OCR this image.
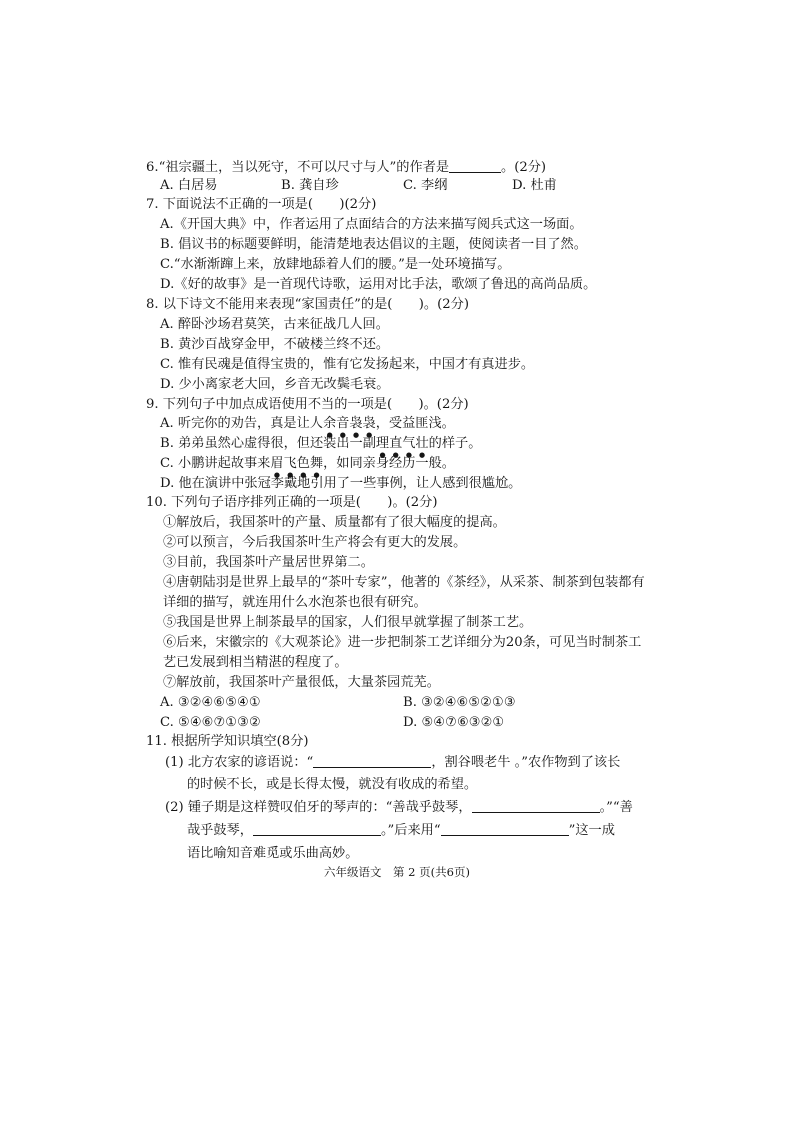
6.“祖宗疆土，当以死守，不可以尺寸与人”的作者是	。(2分)
A. 白居易	B. 龚自珍	C. 李纲	D. 杜甫
7. 下面说法不正确的一项是(　　)(2分)
A.《开国大典》中，作者运用了点面结合的方法来描写阅兵式这一场面。
B. 倡议书的标题要鲜明，能清楚地表达倡议的主题，使阅读者一目了然。
C.“水渐渐蹿上来，放肆地舔着人们的腰。”是一处环境描写。
D.《好的故事》是一首现代诗歌，运用对比手法，歌颂了鲁迅的高尚品质。
8. 以下诗文不能用来表现“家国责任”的是(　　)。(2分)
A. 醉卧沙场君莫笑，古来征战几人回。
B. 黄沙百战穿金甲，不破楼兰终不还。
C. 惟有民魂是值得宝贵的，惟有它发扬起来，中国才有真进步。
D. 少小离家老大回，乡音无改鬓毛衰。
9. 下列句子中加点成语使用不当的一项是(　　)。(2分)
A. 听完你的劝告，真是让人余音袅袅，受益匪浅。
B. 弟弟虽然心虚得很，但还装出一副理直气壮的样子。
C. 小鹏讲起故事来眉飞色舞，如同亲身经历一般。
D. 他在演讲中张冠李戴地引用了一些事例，让人感到很尴尬。
10. 下列句子语序排列正确的一项是(　　)。(2分)
①解放后，我国茶叶的产量、质量都有了很大幅度的提高。
②可以预言，今后我国茶叶生产将会有更大的发展。
③目前，我国茶叶产量居世界第二。
④唐朝陆羽是世界上最早的“茶叶专家”，他著的《茶经》，从采茶、制茶到包装都有
详细的描写，就连用什么水泡茶也很有研究。
⑤我国是世界上制茶最早的国家，人们很早就掌握了制茶工艺。
⑥后来，宋徽宗的《大观茶论》进一步把制茶工艺详细分为20条，可见当时制茶工
艺已发展到相当精湛的程度了。
⑦解放前，我国茶叶产量很低，大量茶园荒芜。
A. ③②④⑥⑤④①	B. ③②④⑥⑤②①③
C. ⑤④⑥⑦①③②	D. ⑤④⑦⑥③②①
11. 根据所学知识填空(8分)
(1) 北方农家的谚语说：“	，割谷喂老牛 。”农作物到了该长
的时候不长，或是长得太慢，就没有收成的希望。
(2) 锺子期是这样赞叹伯牙的琴声的：“善哉乎鼓琴，	。”“善
哉乎鼓琴，	。”后来用“	”这一成
语比喻知音难觅或乐曲高妙。
六年级语文　第 2 页(共6页)
